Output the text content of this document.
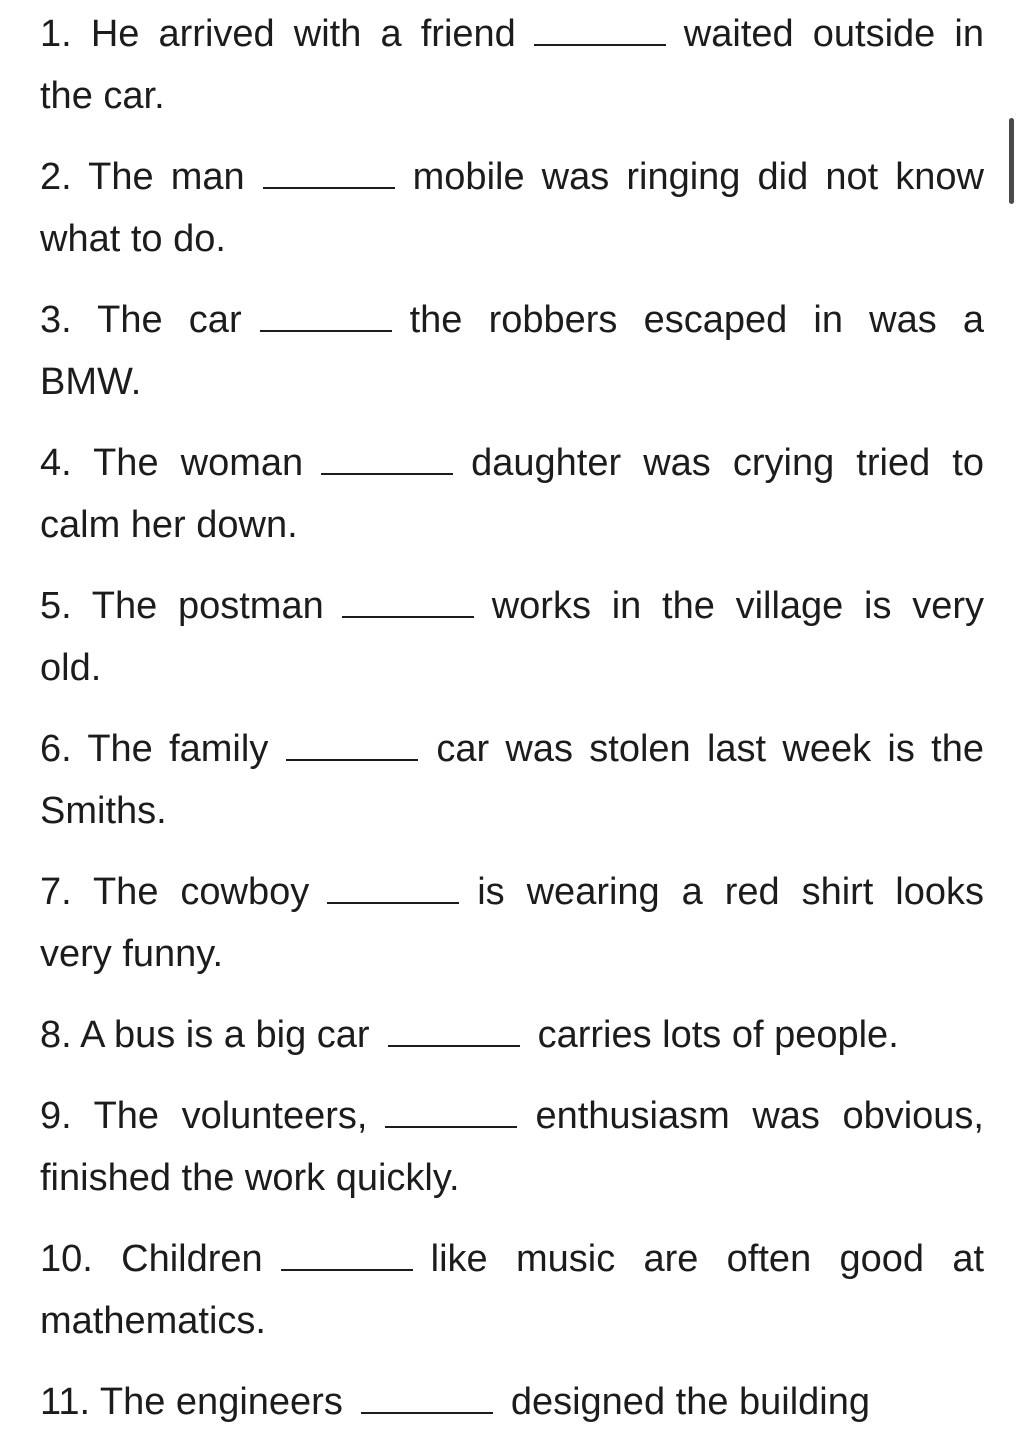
1. He arrived with a friend	waited outside in the car.

2. The man	mobile was ringing did not know what to do.

3. The car	the robbers escaped in was a BMW.

4. The woman	daughter was crying tried to calm her down.

5. The postman	works in the village is very old.

6. The family	car was stolen last week is the Smiths.

7. The cowboy	is wearing a red shirt looks very funny.

8. A bus is a big car	carries lots of people.

9. The volunteers,	enthusiasm was obvious, finished the work quickly.

10. Children	like music are often good at mathematics.

11. The engineers	designed the building
